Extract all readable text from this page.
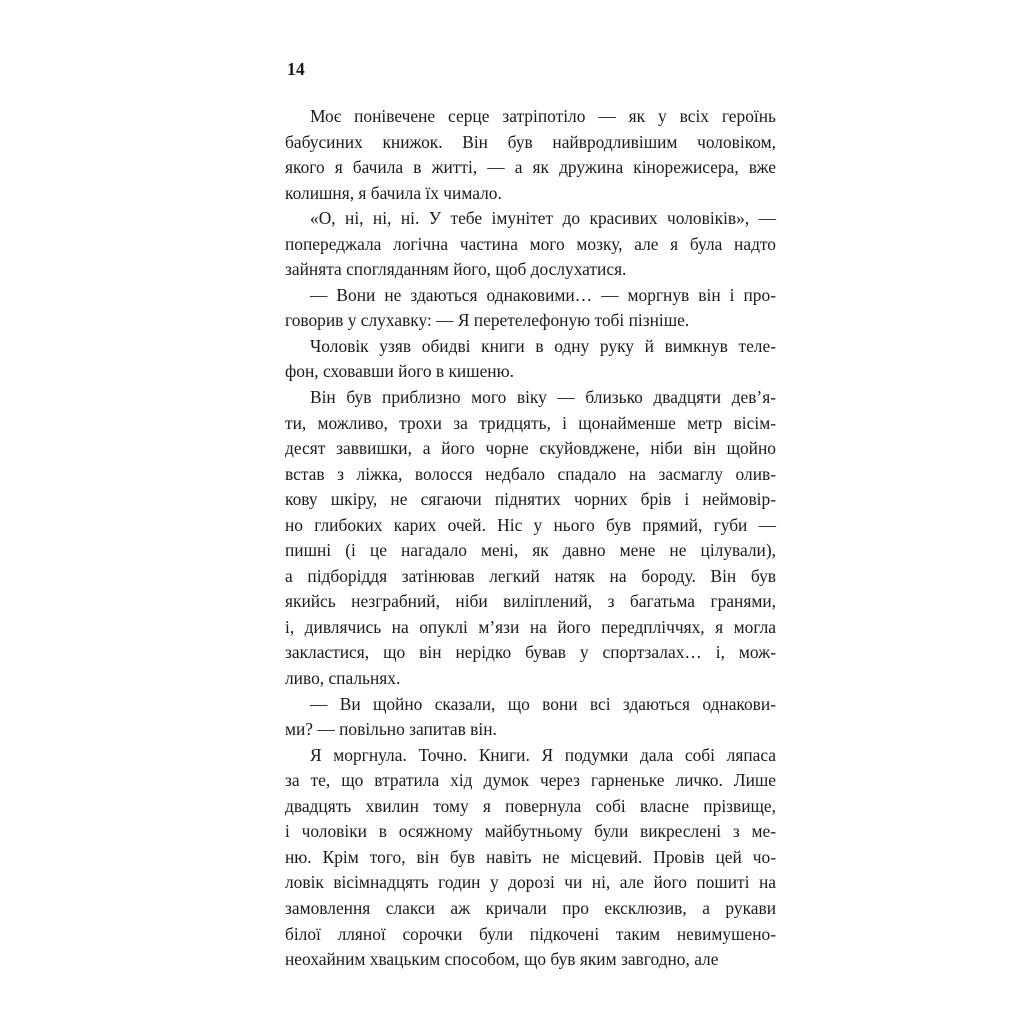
14

Моє понівечене серце затріпотіло — як у всіх героїнь
бабусиних книжок. Він був найвродливішим чоловіком,
якого я бачила в житті, — а як дружина кінорежисера, вже
колишня, я бачила їх чимало.

«О, ні, ні, ні. У тебе імунітет до красивих чоловіків», —
попереджала логічна частина мого мозку, але я була надто
зайнята спогляданням його, щоб дослухатися.

— Вони не здаються однаковими… — моргнув він і про-
говорив у слухавку: — Я перетелефоную тобі пізніше.

Чоловік узяв обидві книги в одну руку й вимкнув теле-
фон, сховавши його в кишеню.

Він був приблизно мого віку — близько двадцяти дев’я-
ти, можливо, трохи за тридцять, і щонайменше метр вісім-
десят заввишки, а його чорне скуйовджене, ніби він щойно
встав з ліжка, волосся недбало спадало на засмаглу олив-
кову шкіру, не сягаючи піднятих чорних брів і неймовір-
но глибоких карих очей. Ніс у нього був прямий, губи —
пишні (і це нагадало мені, як давно мене не цілували),
а підборіддя затінював легкий натяк на бороду. Він був
якийсь незграбний, ніби виліплений, з багатьма гранями,
і, дивлячись на опуклі м’язи на його передпліччях, я могла
закластися, що він нерідко бував у спортзалах… і, мож-
ливо, спальнях.

— Ви щойно сказали, що вони всі здаються однакови-
ми? — повільно запитав він.

Я моргнула. Точно. Книги. Я подумки дала собі ляпаса
за те, що втратила хід думок через гарненьке личко. Лише
двадцять хвилин тому я повернула собі власне прізвище,
і чоловіки в осяжному майбутньому були викреслені з ме-
ню. Крім того, він був навіть не місцевий. Провів цей чо-
ловік вісімнадцять годин у дорозі чи ні, але його пошиті на
замовлення слакси аж кричали про ексклюзив, а рукави
білої лляної сорочки були підкочені таким невимушено-
неохайним хвацьким способом, що був яким завгодно, але
